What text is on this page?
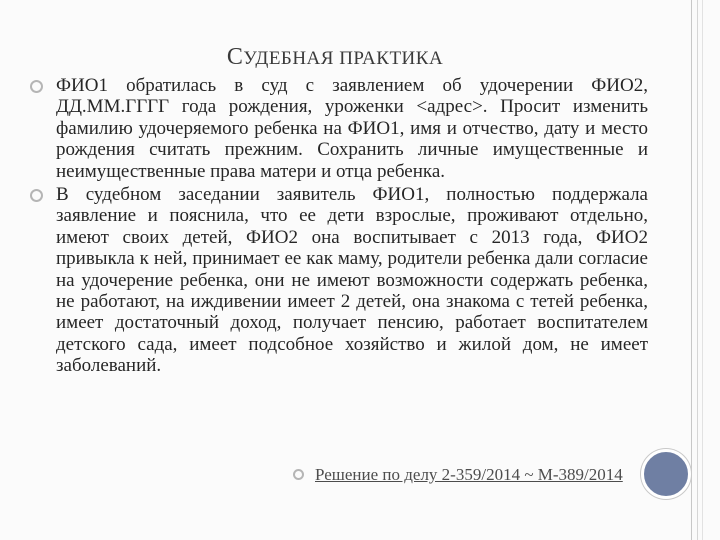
СУДЕБНАЯ ПРАКТИКА
ФИО1 обратилась в суд с заявлением об удочерении ФИО2, ДД.ММ.ГГГГ года рождения, уроженки <адрес>. Просит изменить фамилию удочеряемого ребенка на ФИО1, имя и отчество, дату и место рождения считать прежним. Сохранить личные имущественные и неимущественные права матери и отца ребенка.
В судебном заседании заявитель ФИО1, полностью поддержала заявление и пояснила, что ее дети взрослые, проживают отдельно, имеют своих детей, ФИО2 она воспитывает с 2013 года, ФИО2 привыкла к ней, принимает ее как маму, родители ребенка дали согласие на удочерение ребенка, они не имеют возможности содержать ребенка, не работают, на иждивении имеет 2 детей, она знакома с тетей ребенка, имеет достаточный доход, получает пенсию, работает воспитателем детского сада, имеет подсобное хозяйство и жилой дом, не имеет заболеваний.
Решение по делу 2-359/2014 ~ М-389/2014
